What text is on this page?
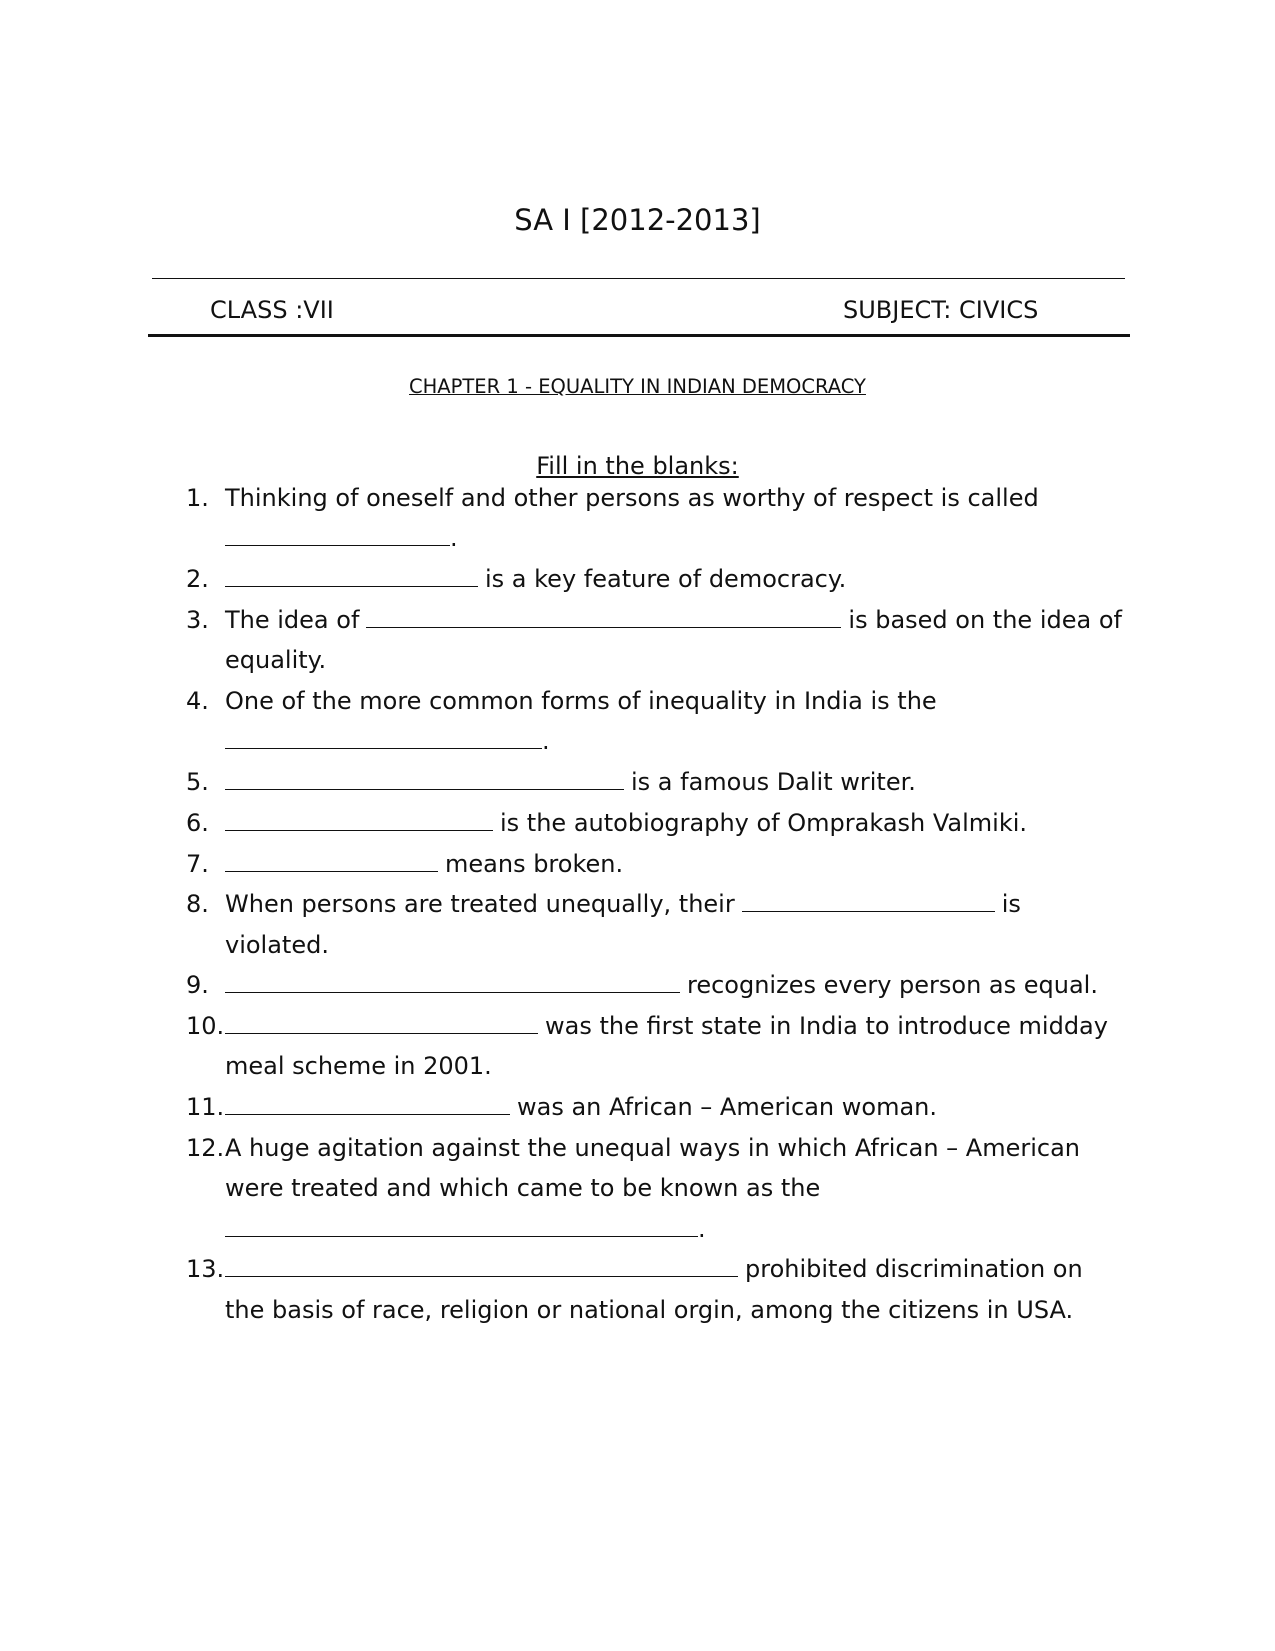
SA I [2012-2013]
CLASS :VII	SUBJECT: CIVICS
CHAPTER 1 - EQUALITY IN INDIAN DEMOCRACY
Fill in the blanks:
1. Thinking of oneself and other persons as worthy of respect is called
.
2.	is a key feature of democracy.
3. The idea of	is based on the idea of
equality.
4. One of the more common forms of inequality in India is the
.
5.	is a famous Dalit writer.
6.	is the autobiography of Omprakash Valmiki.
7.	means broken.
8. When persons are treated unequally, their	is
violated.
9.	recognizes every person as equal.
10.	was the first state in India to introduce midday
meal scheme in 2001.
11.	was an African – American woman.
12. A huge agitation against the unequal ways in which African – American
were treated and which came to be known as the
.
13.	prohibited discrimination on
the basis of race, religion or national orgin, among the citizens in USA.
